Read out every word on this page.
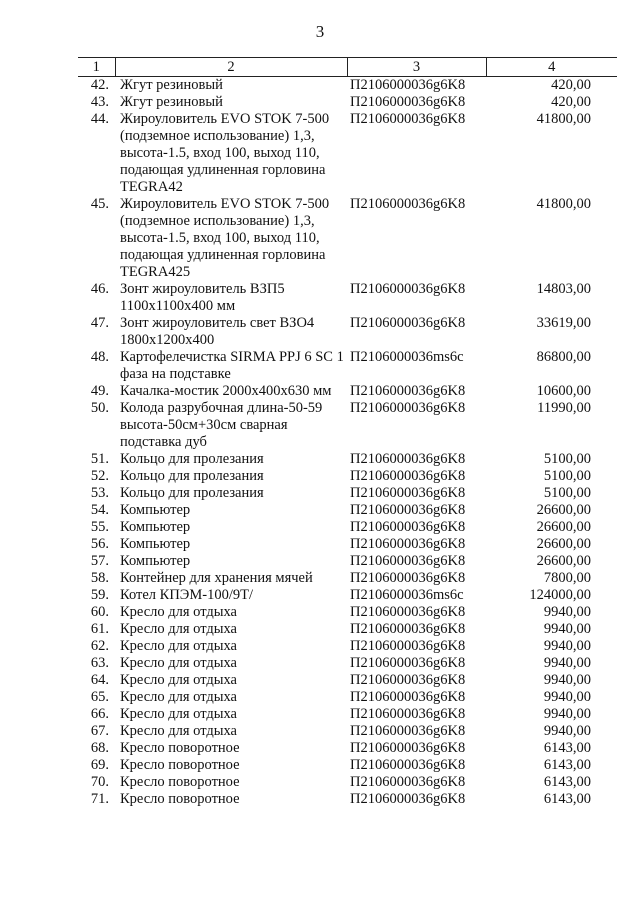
3
1	2	3	4
42.	Жгут резиновый	П2106000036g6K8	420,00
43.	Жгут резиновый	П2106000036g6K8	420,00
44.	Жироуловитель EVO STOK 7-500 (подземное использование) 1,3, высота-1.5, вход 100, выход 110, подающая удлиненная горловина TEGRA42	П2106000036g6K8	41800,00
45.	Жироуловитель EVO STOK 7-500 (подземное использование) 1,3, высота-1.5, вход 100, выход 110, подающая удлиненная горловина TEGRA425	П2106000036g6K8	41800,00
46.	Зонт жироуловитель ВЗП5 1100х1100х400 мм	П2106000036g6K8	14803,00
47.	Зонт жироуловитель свет ВЗО4 1800х1200х400	П2106000036g6K8	33619,00
48.	Картофелечистка SIRMA PPJ 6 SC 1 фаза на подставке	П2106000036ms6c	86800,00
49.	Качалка-мостик 2000х400х630 мм	П2106000036g6K8	10600,00
50.	Колода разрубочная длина-50-59 высота-50см+30см сварная подставка дуб	П2106000036g6K8	11990,00
51.	Кольцо для пролезания	П2106000036g6K8	5100,00
52.	Кольцо для пролезания	П2106000036g6K8	5100,00
53.	Кольцо для пролезания	П2106000036g6K8	5100,00
54.	Компьютер	П2106000036g6K8	26600,00
55.	Компьютер	П2106000036g6K8	26600,00
56.	Компьютер	П2106000036g6K8	26600,00
57.	Компьютер	П2106000036g6K8	26600,00
58.	Контейнер для хранения мячей	П2106000036g6K8	7800,00
59.	Котел КПЭМ-100/9Т/	П2106000036ms6c	124000,00
60.	Кресло для отдыха	П2106000036g6K8	9940,00
61.	Кресло для отдыха	П2106000036g6K8	9940,00
62.	Кресло для отдыха	П2106000036g6K8	9940,00
63.	Кресло для отдыха	П2106000036g6K8	9940,00
64.	Кресло для отдыха	П2106000036g6K8	9940,00
65.	Кресло для отдыха	П2106000036g6K8	9940,00
66.	Кресло для отдыха	П2106000036g6K8	9940,00
67.	Кресло для отдыха	П2106000036g6K8	9940,00
68.	Кресло поворотное	П2106000036g6K8	6143,00
69.	Кресло поворотное	П2106000036g6K8	6143,00
70.	Кресло поворотное	П2106000036g6K8	6143,00
71.	Кресло поворотное	П2106000036g6K8	6143,00
